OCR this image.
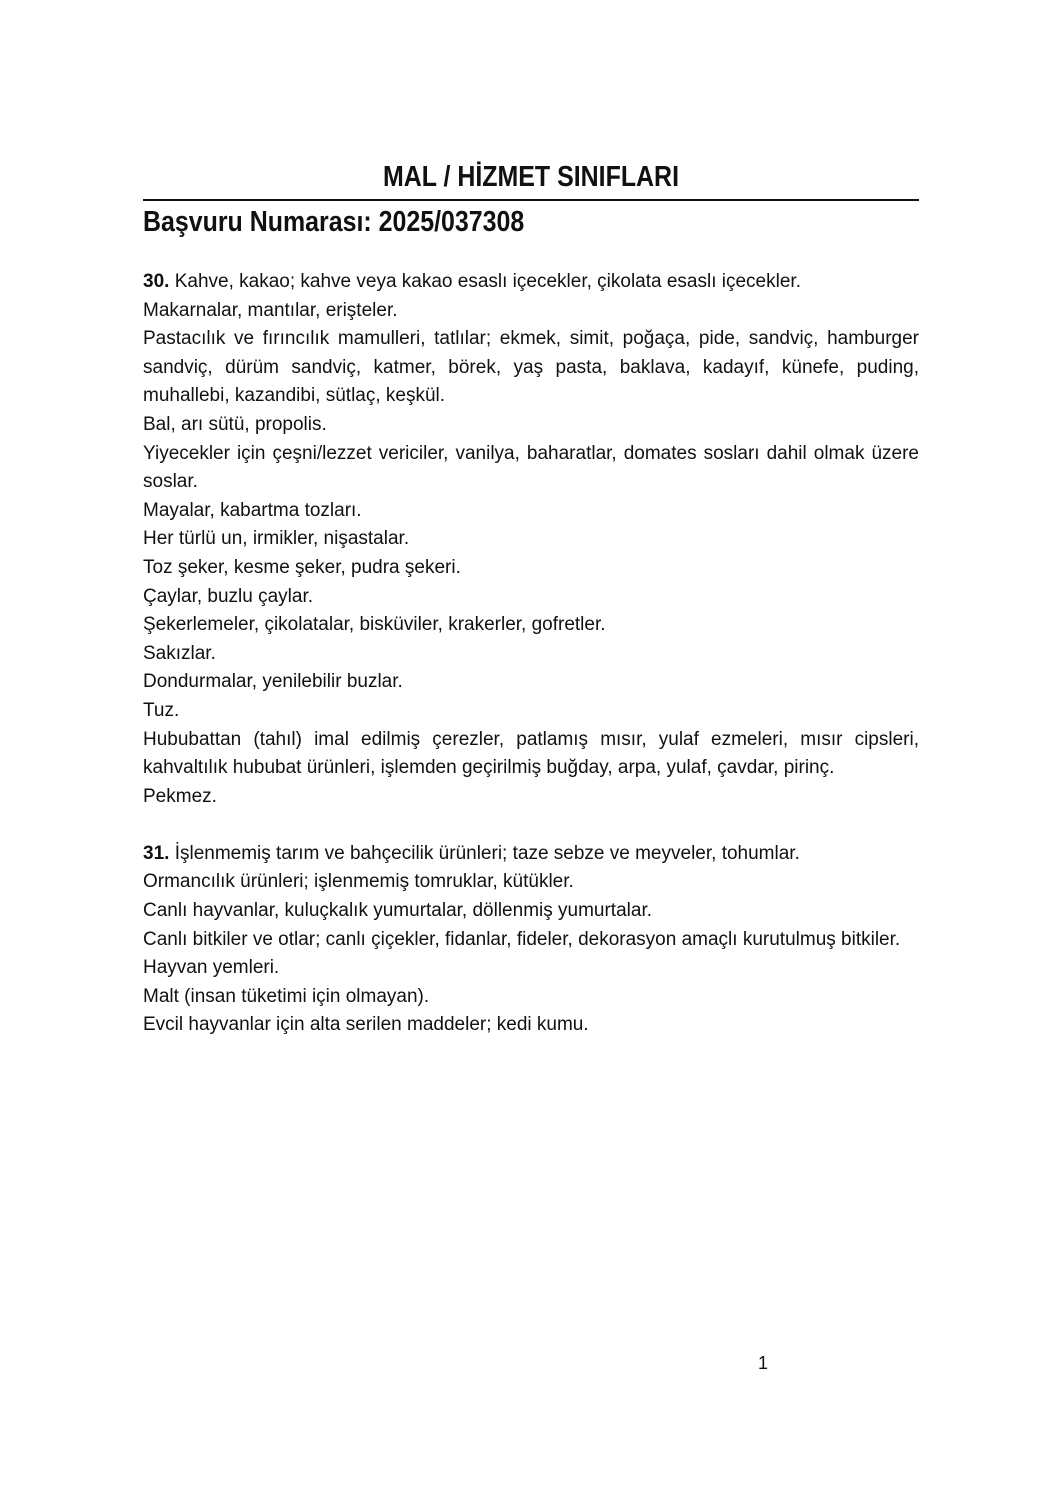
MAL / HİZMET SINIFLARI
Başvuru Numarası: 2025/037308

30. Kahve, kakao; kahve veya kakao esaslı içecekler, çikolata esaslı içecekler.

Makarnalar, mantılar, erişteler.

Pastacılık ve fırıncılık mamulleri, tatlılar; ekmek, simit, poğaça, pide, sandviç, hamburger sandviç, dürüm sandviç, katmer, börek, yaş pasta, baklava, kadayıf, künefe, puding, muhallebi, kazandibi, sütlaç, keşkül.

Bal, arı sütü, propolis.

Yiyecekler için çeşni/lezzet vericiler, vanilya, baharatlar, domates sosları dahil olmak üzere soslar.

Mayalar, kabartma tozları.

Her türlü un, irmikler, nişastalar.

Toz şeker, kesme şeker, pudra şekeri.

Çaylar, buzlu çaylar.

Şekerlemeler, çikolatalar, bisküviler, krakerler, gofretler.

Sakızlar.

Dondurmalar, yenilebilir buzlar.

Tuz.

Hububattan (tahıl) imal edilmiş çerezler, patlamış mısır, yulaf ezmeleri, mısır cipsleri, kahvaltılık hububat ürünleri, işlemden geçirilmiş buğday, arpa, yulaf, çavdar, pirinç.

Pekmez.

31. İşlenmemiş tarım ve bahçecilik ürünleri; taze sebze ve meyveler, tohumlar.

Ormancılık ürünleri; işlenmemiş tomruklar, kütükler.

Canlı hayvanlar, kuluçkalık yumurtalar, döllenmiş yumurtalar.

Canlı bitkiler ve otlar; canlı çiçekler, fidanlar, fideler, dekorasyon amaçlı kurutulmuş bitkiler.

Hayvan yemleri.

Malt (insan tüketimi için olmayan).

Evcil hayvanlar için alta serilen maddeler; kedi kumu.

1
